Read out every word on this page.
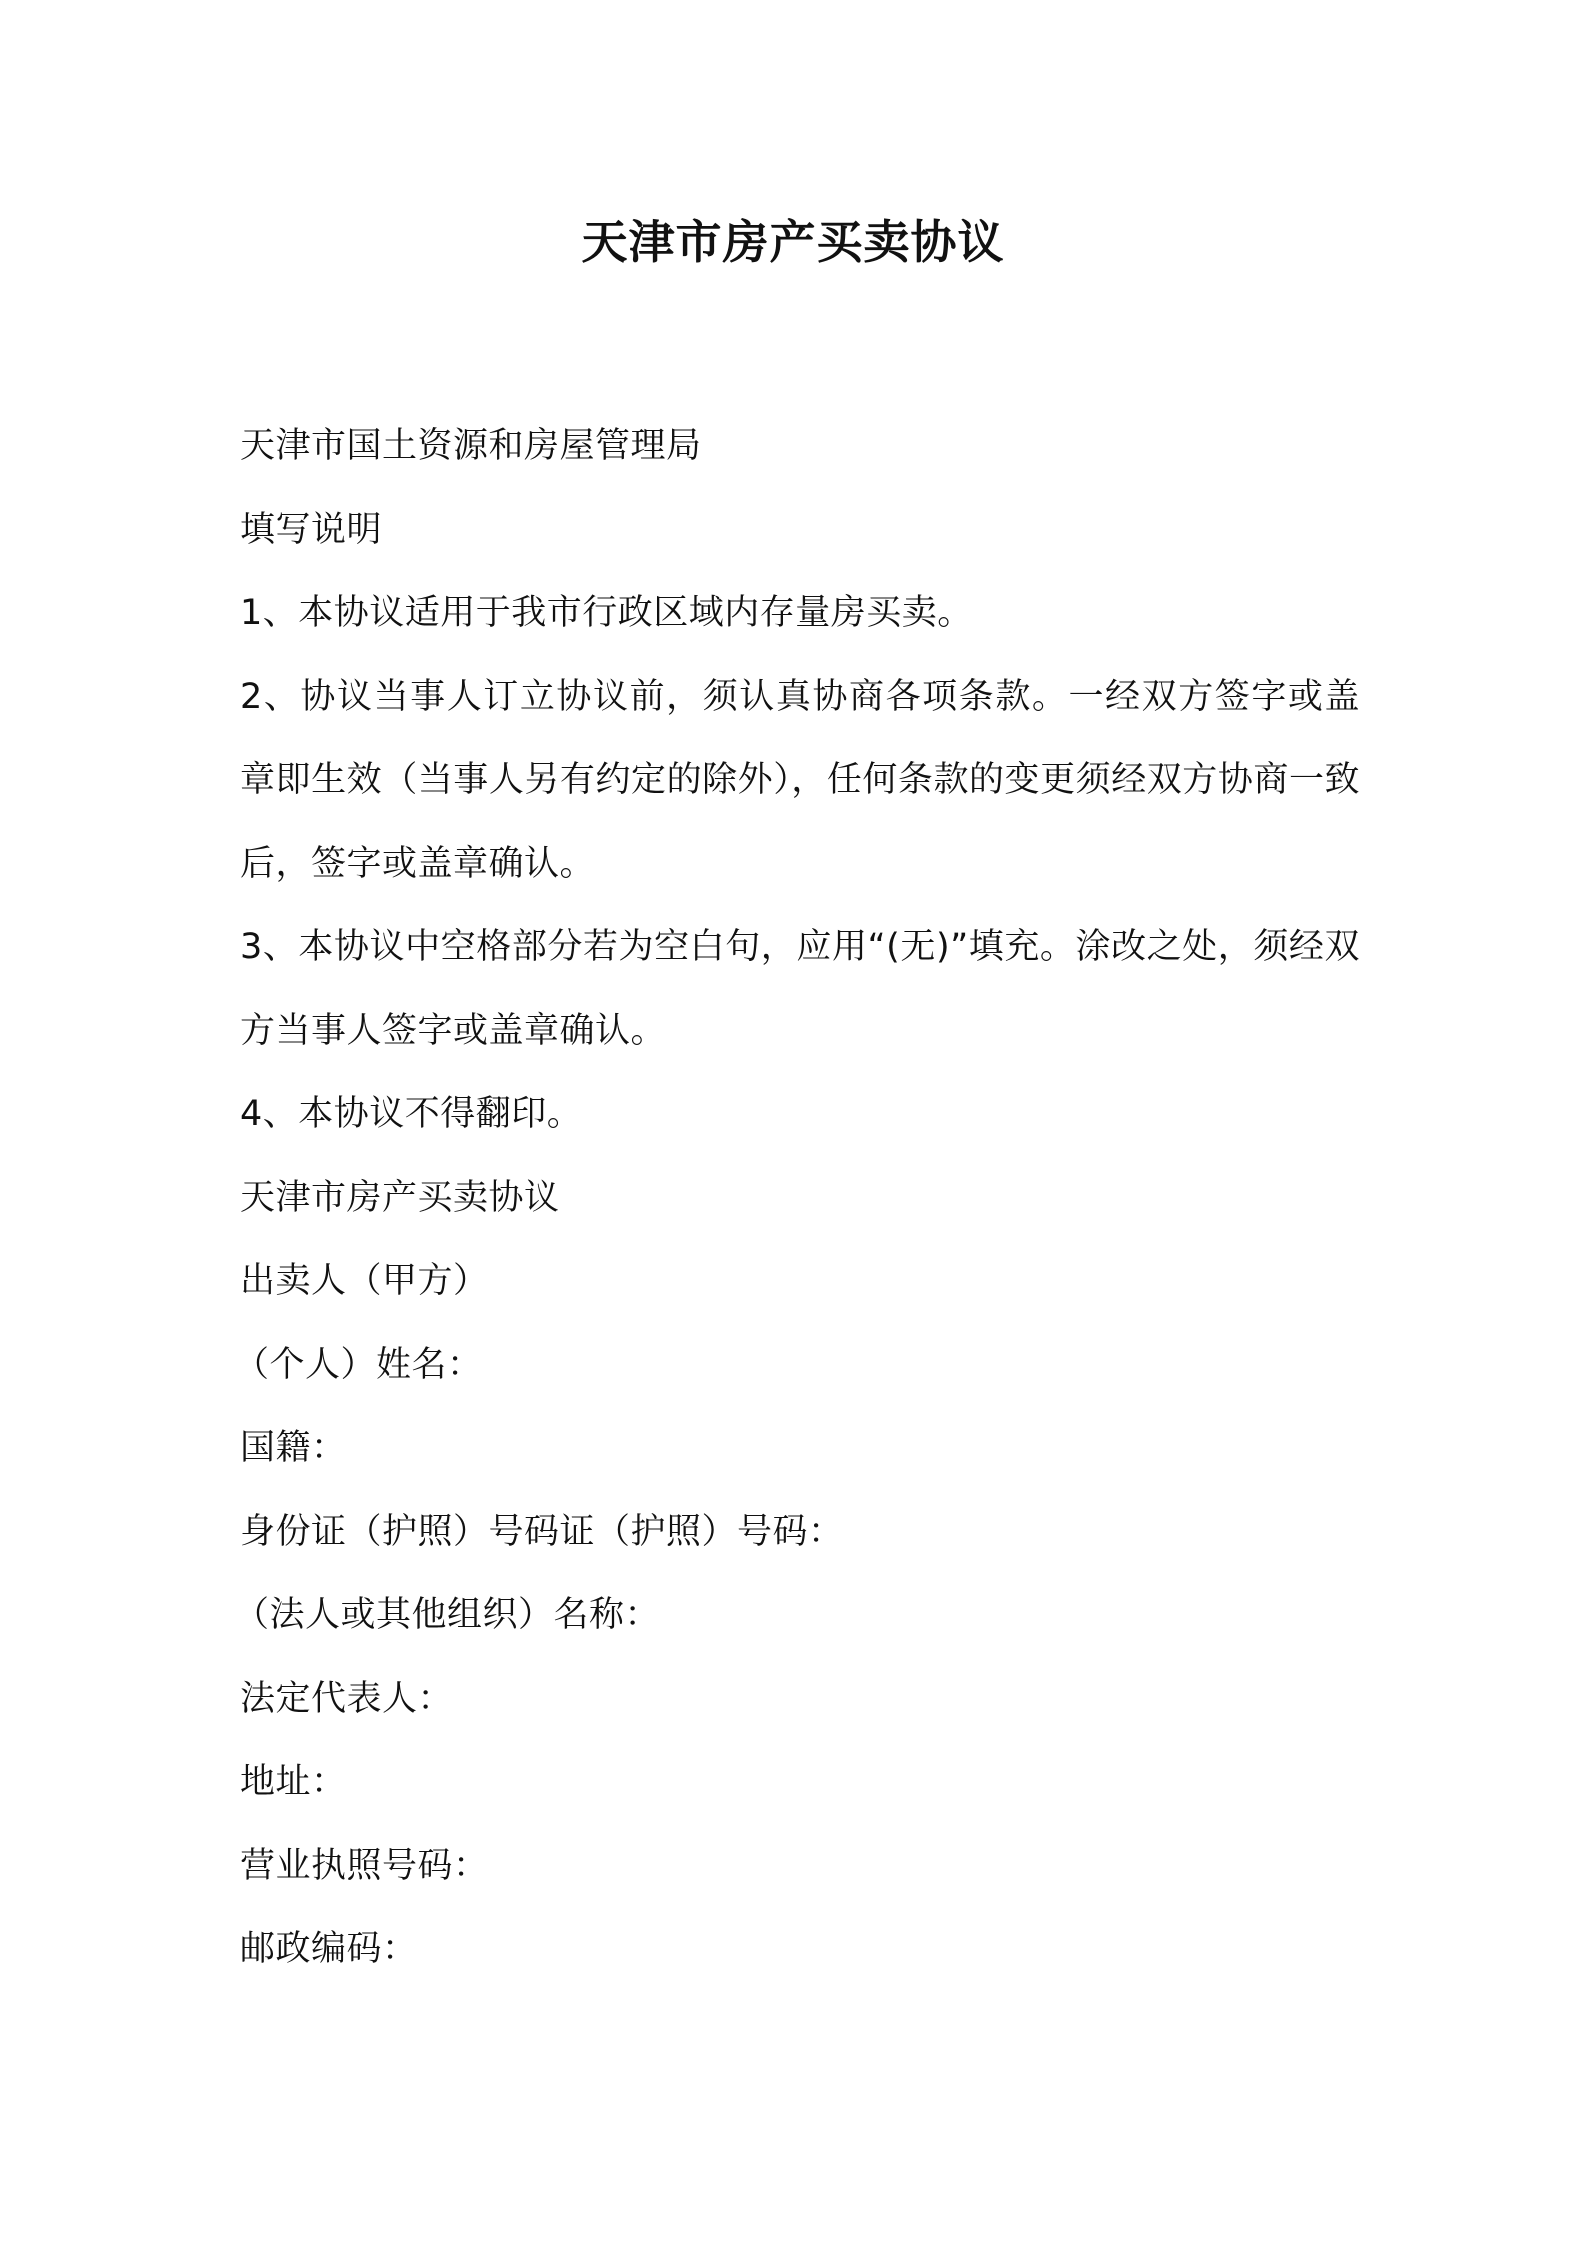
天津市房产买卖协议
天津市国土资源和房屋管理局
填写说明
1、本协议适用于我市行政区域内存量房买卖。
2、协议当事人订立协议前，须认真协商各项条款。一经双方签字或盖章即生效（当事人另有约定的除外），任何条款的变更须经双方协商一致后，签字或盖章确认。
3、本协议中空格部分若为空白句，应用“(无)”填充。涂改之处，须经双方当事人签字或盖章确认。
4、本协议不得翻印。
天津市房产买卖协议
出卖人（甲方）
（个人）姓名：
国籍：
身份证（护照）号码证（护照）号码：
（法人或其他组织）名称：
法定代表人：
地址：
营业执照号码：
邮政编码：
